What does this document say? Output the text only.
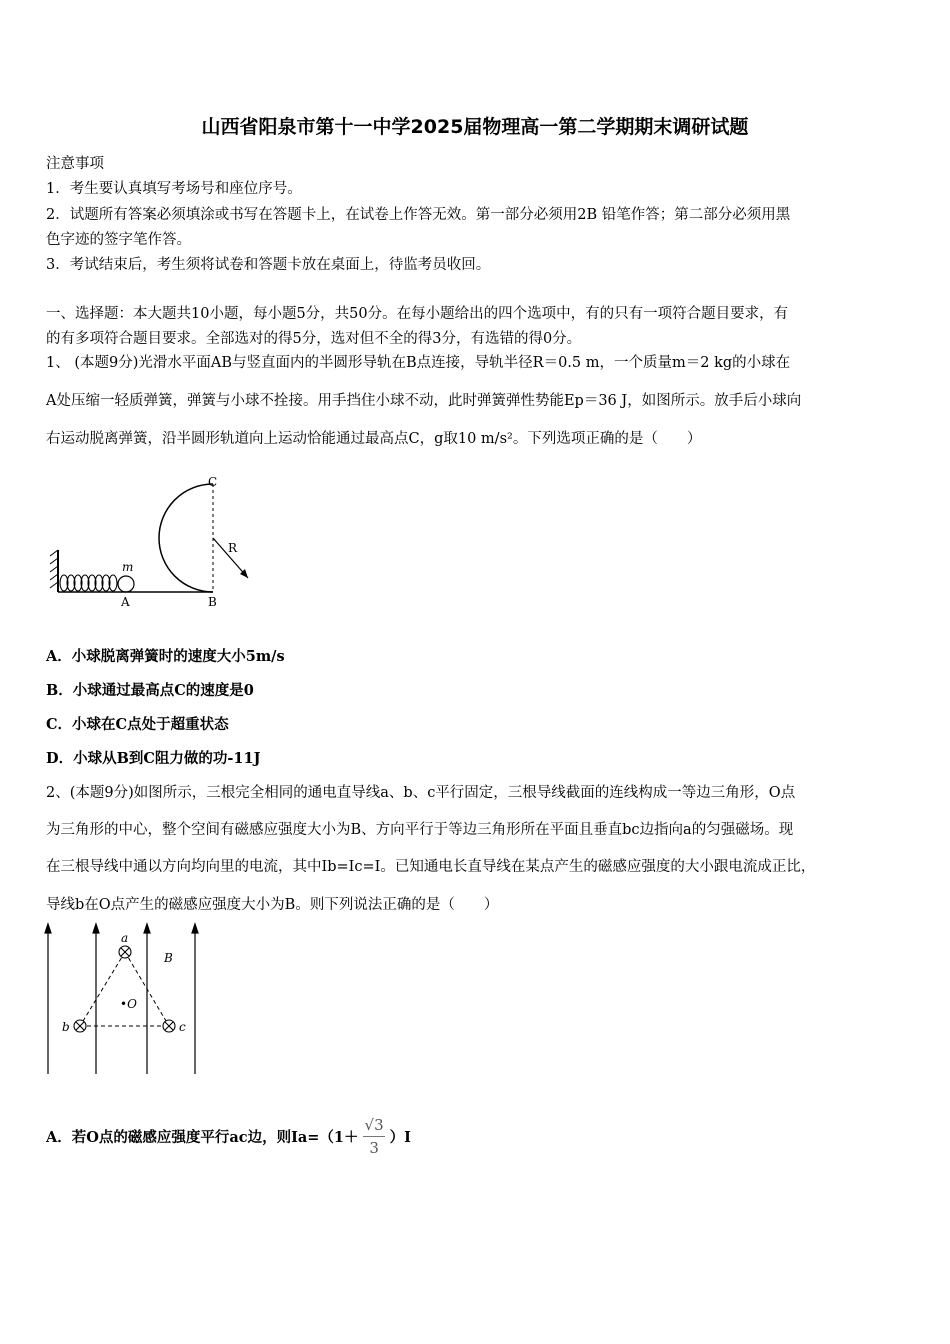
山西省阳泉市第十一中学2025届物理高一第二学期期末调研试题
注意事项
1．考生要认真填写考场号和座位序号。
2．试题所有答案必须填涂或书写在答题卡上，在试卷上作答无效。第一部分必须用2B 铅笔作答；第二部分必须用黑
色字迹的签字笔作答。
3．考试结束后，考生须将试卷和答题卡放在桌面上，待监考员收回。
一、选择题：本大题共10小题，每小题5分，共50分。在每小题给出的四个选项中，有的只有一项符合题目要求，有
的有多项符合题目要求。全部选对的得5分，选对但不全的得3分，有选错的得0分。
1、 (本题9分)光滑水平面AB与竖直面内的半圆形导轨在B点连接，导轨半径R＝0.5 m，一个质量m＝2 kg的小球在
A处压缩一轻质弹簧，弹簧与小球不拴接。用手挡住小球不动，此时弹簧弹性势能Ep＝36 J，如图所示。放手后小球向
右运动脱离弹簧，沿半圆形轨道向上运动恰能通过最高点C，g取10 m/s²。下列选项正确的是（　　）
C
R
m
A	B
A．小球脱离弹簧时的速度大小5m/s
B．小球通过最高点C的速度是0
C．小球在C点处于超重状态
D．小球从B到C阻力做的功-11J
2、(本题9分)如图所示，三根完全相同的通电直导线a、b、c平行固定，三根导线截面的连线构成一等边三角形，O点
为三角形的中心，整个空间有磁感应强度大小为B、方向平行于等边三角形所在平面且垂直bc边指向a的匀强磁场。现
在三根导线中通以方向均向里的电流，其中Ib=Ic=I。已知通电长直导线在某点产生的磁感应强度的大小跟电流成正比，
导线b在O点产生的磁感应强度大小为B。则下列说法正确的是（　　）
a
b	c
•O
B
A．若O点的磁感应强度平行ac边，则Ia=（1＋
√3
3
）I
